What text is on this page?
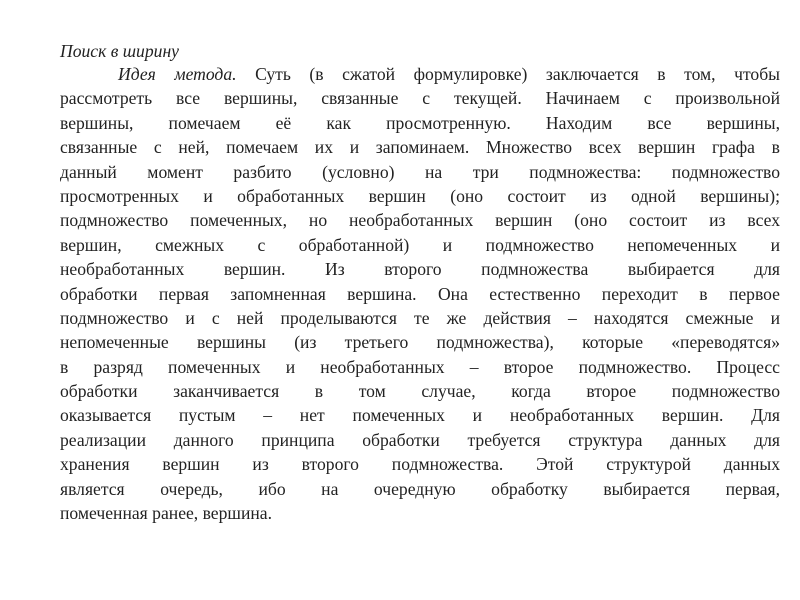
Поиск в ширину
Идея метода. Суть (в сжатой формулировке) заключается в том, чтобы
рассмотреть все вершины, связанные с текущей. Начинаем с произвольной
вершины, помечаем её как просмотренную. Находим все вершины,
связанные с ней, помечаем их и запоминаем. Множество всех вершин графа в
данный момент разбито (условно) на три подмножества: подмножество
просмотренных и обработанных вершин (оно состоит из одной вершины);
подмножество помеченных, но необработанных вершин (оно состоит из всех
вершин, смежных с обработанной) и подмножество непомеченных и
необработанных вершин. Из второго подмножества выбирается для
обработки первая запомненная вершина. Она естественно переходит в первое
подмножество и с ней проделываются те же действия – находятся смежные и
непомеченные вершины (из третьего подмножества), которые «переводятся»
в разряд помеченных и необработанных – второе подмножество. Процесс
обработки заканчивается в том случае, когда второе подмножество
оказывается пустым – нет помеченных и необработанных вершин. Для
реализации данного принципа обработки требуется структура данных для
хранения вершин из второго подмножества. Этой структурой данных
является очередь, ибо на очередную обработку выбирается первая,
помеченная ранее, вершина.
